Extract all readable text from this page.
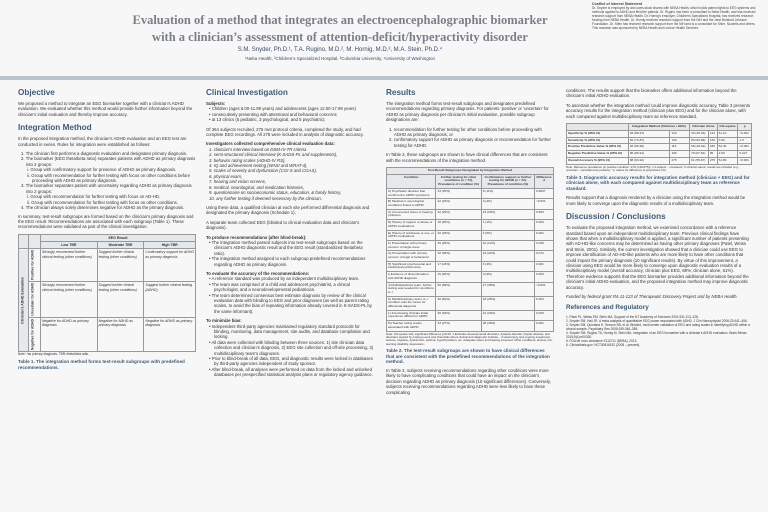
Evaluation of a method that integrates an electroencephalographic biomarker
with a clinician’s assessment of attention-deficit/hyperactivity disorder
S.M. Snyder, Ph.D.¹, T.A. Rugino, M.D.², M. Hornig, M.D.³, M.A. Stein, Ph.D.⁴
¹Neba Health, ²Children’s Specialized Hospital, ³Columbia University, ⁴University of Washington
Conflict of Interest Statement
Dr. Snyder is employed by and owns stock shares with NEBA Health, which holds patent rights to EEG systems and methods applied to ADHD and filed the patents. Dr. Rugino has been a consultant to Neba Health, and has received research support from NEBA Health. Dr. Hornig’s employer, Children’s Specialized Hospital, has received research funding from NEBA Health. Dr. Hornig receives research support from the NIH and the Jane Botsford Johnson Foundation. Dr. Stein has received research support from the NIH and is a consultant for Shire, Novartis and others. This research was sponsored by NEBA Health and Lexicor Health Services.
Objective
We proposed a method to integrate an EEG biomarker together with a clinician’s ADHD evaluation. We evaluated whether this method would provide further information beyond the clinician’s initial evaluation and thereby improve accuracy.
Integration Method
In the proposed integration method, the clinician’s ADHD evaluation and an EEG test are conducted in series. Rules for integration were established as follows:
1. The clinician first performs a diagnostic evaluation and designates primary diagnosis.
2. The biomarker (EEG theta/beta ratio) separates patients with ADHD as primary diagnosis into 2 groups:
i. Group with confirmatory support for presence of ADHD as primary diagnosis.
ii. Group with recommendation for further testing with focus on other conditions before proceeding with ADHD as primary diagnosis.
3. The biomarker separates patient with uncertainty regarding ADHD as primary diagnosis into 2 groups:
i. Group with recommendation for further testing with focus on AD-HD.
ii. Group with recommendation for further testing with focus on other conditions.
4. The clinician always solely determines negative for ADHD as the primary diagnosis.
In summary, test-result subgroups are formed based on the clinician’s primary diagnosis and the EEG result. Recommendations are associated with each subgroup (Table 1). These recommendations were validated as part of the clinical investigation.
		EEG Result		
		Low TBR	Moderate TBR	High TBR
Clinician’s ADHD Evaluation	Positive for ADHD	Strongly recommend further clinical testing (other conditions)	Suggest further clinical testing (other conditions)	Confirmatory support for ADHD as primary diagnosis
	Uncertain for ADHD	Strongly recommend further clinical testing (other conditions)	Suggest further clinical testing (other conditions)	Suggest further clinical testing (ADHD)
	Negative for ADHD	Negative for ADHD as primary diagnosis	Negative for ADHD as primary diagnosis	Negative for ADHD as primary diagnosis
Note: *as primary diagnosis. TBR=theta/beta ratio.
Table 1. The integration method forms test-result subgroups with predefined recommendations.
Clinical Investigation
Subjects:
• Children (ages 6.00-11.99 years) and adolescents (ages 12.00-17.99 years)
• consecutively presenting with attentional and behavioral concerns
• at 13 clinics (5 pediatric, 3 psychological, and 5 psychiatric).
Of 364 subjects recruited, 275 met protocol criteria, completed the study, and had complete EEG recordings. All 275 were included in analysis of diagnostic accuracy.
Investigators collected comprehensive clinical evaluation data:
1. clinician’s interview based on DSM-IV-TR criteria
2. semi-structured clinical interview (K-SADS-PL and supplements),
3. behavior rating scales (ADHD-IV RS),
4. IQ and achievement testing (WASI and WRAT-4),
5. scales of severity and dysfunction (CGI-S and CGAS),
6. physical exam,
7. hearing and vision screens,
8. medical, neurological, and medication histories,
9. questionnaire on socioeconomic status, education, & family history,
10. any further testing if deemed necessary by the clinician.
Using these data, a qualified clinician at each site performed differential diagnosis and designated the primary diagnosis (Schedule 1).
A separate team collected EEG (blinded to clinical evaluation data and clinician’s diagnosis).
To produce recommendations (after blind-break):
• The integration method parsed subjects into test-result subgroups based on the clinician’s ADHD diagnostic result and the EEG result (standardized theta/beta ratio).
• The integration method assigned to each subgroup predefined recommendations regarding ADHD as primary diagnosis.
To evaluate the accuracy of the recommendations:
• A reference standard was produced by an independent multidisciplinary team.
• The team was comprised of a child and adolescent psychiatrist, a clinical psychologist, and a neurodevelopmental pediatrician.
• The team determined consensus best estimate diagnosis by review of the clinical evaluation data with blinding to EEG and prior diagnoses (as well as parent rating scales, to avoid the bias of repeating information already covered in K-SADS-PL by the same informant).
To minimize bias:
• Independent third-party agencies maintained regulatory standard protocols for blinding, monitoring, data management, site audits, and database compilation and locking.
• All data were collected with blinding between three sources: 1) site clinician data collection and clinician’s diagnosis, 2) EEG site collection and off-site processing, 3) multidisciplinary team’s diagnoses.
• Prior to blind-break of all data, EEG, and diagnostic results were locked in databases by third-party agencies independent of study sponsor.
• After blind-break, all analyses were performed on data from the locked and unlocked databases per prespecified statistical analysis plans or regulatory agency guidance.
Results
The integration method forms test-result subgroups and designates predefined recommendations regarding primary diagnosis. For patients ‘positive’ or ‘uncertain’ for ADHD as primary diagnosis per clinician’s initial evaluation, possible subgroup designations are:
1. recommendation for further testing for other conditions before proceeding with ADHD as primary diagnosis, or
2. confirmatory support for ADHD as primary diagnosis or recommendation for further testing for ADHD.
In Table 2, these subgroups are shown to have clinical differences that are consistent with the recommendations of the integration method.
Test-Result Subgroups Designated by Integration Method			
Condition	Further testing for other conditions (n = 74), Prevalence of condition (%)	Confirmatory support or further testing for ADHD (n = 72), Prevalence of condition (%)	Difference d
A) Psychiatric disorder that confirmed to ADHD symptoms	33 (25%)	8 (11%)	0.8007
B) Medical or neurological conditions linked to ADHD	22 (22%)	3 (4%)	<0.001
C) Uncorrected vision or hearing problems	42 (29%)	23 (29%)	0.825
D) History of neglect or abuse or ADHD medications	18 (25%)	1 (1%)	0.003
E) History of substance or use, or ADHD medications	20 (29%)	4 (5%)	0.001
F) Presentation with primary concern of single issue	25 (25%)	10 (14%)	0.028
G) Presentation with primary concern of legal or behavioral	28 (38%)	16 (22%)	0.072
H) Significant psychosocial and intellectual performance	17 (23%)	3 (4%)	0.001
I) Evidence of discontinuation with ADHD diagnosis	15 (20%)	3 (4%)	0.003
J) Multidisciplinary team: further testing was needed for conditions A–I	66 (89%)	27 (38%)	<0.001
K) Multidisciplinary team: A–I condition was the cause for differential diagnosis	46 (62%)	18 (25%)	0.004
L) Interviewing clinician initial experience difficult for ADHD	36 (49%)	21 (29%)	0.025
M) Teacher rating scales associated with ADHD	33 (27%)	28 (48%)	0.001
Note: Chi-square test; significant difference p≤0.05. 1 Excludes developmental disorders, dyslexia disorder, bipolar disorder, and disorders caused by missing event and chemicals where clinical and diagnostic indicate... 2 Head injury and ongoing impairment, seizure, migraine, dysfunction, asthma, hypothyroidism, etc. Adequate vision and hearing screened. Other conditions: anxiety, tics, learning disability, depression.
Table 2. The test-result subgroups are shown to have clinical differences that are consistent with the predefined recommendations of the integration method.
In Table 2, subjects receiving recommendations regarding other conditions were more likely to have complicating conditions that could have an impact on the clinician’s decision regarding ADHD as primary diagnosis (10 significant differences). Conversely, subjects receiving recommendations regarding ADHD were less likely to have these complicating
conditions. The results support that the biomarker offers additional information beyond the clinician’s initial ADHD evaluation.
To ascertain whether the integration method could improve diagnostic accuracy, Table 3 presents accuracy results for the integration method (clinician plus EEG) and for the clinician alone, with each compared against multidisciplinary team as reference standard.
	Integration Method (Clinician + EEG)		Clinician Alone		Chi-square	p
Specificity % (95% CI)	94 (88-97)	143	30 (25-43)	143	61.10	<0.001
Sensitivity % (95% CI)	82 (74-87)	130	80 (63-88)	130	0.00	1.0
Positive Predictive Value % (95% CI)	92 (86-96)	115	58 (48-62)	180	52.30	<0.001
Negative Predictive Value % (95% CI)	86 (80-91)	160	79 (67-81)	95	2.60	0.107
Overall Accuracy % (95% CI)	88 (84-92)	275	61 (55-67)	275	51.80	<0.001
Note: Reference prevalence (in positive condition: 47% (130/275)). 1 A subject... consistent “in clinician alone” results are included (e.g., uncertain - considered as positive). * p values for difference of proportions (%).
Table 3. Diagnostic accuracy results for integration method (clinician + EEG) and for clinician alone, with each compared against multidisciplinary team as reference standard.
Results support that a diagnosis rendered by a clinician using the integration method would be more likely to converge upon the diagnostic results of a multidisciplinary team.
Discussion / Conclusions
To evaluate the proposed integration method, we examined concordance with a reference standard based upon an independent multidisciplinary team. Previous clinical findings have shown that when a multidisciplinary model is applied, a significant number of patients presenting with AD-HD-like concerns may be determined as having other primary diagnoses (Patel, Weiss and Stein, 2001). Similarly, the current investigation showed that a clinician could use EEG to improve identification of AD-HD-like patients who are more likely to have other conditions that could impact the primary diagnosis (10 significant results). By virtue of this improvement, a clinician using EEG would be more likely to converge upon diagnostic evaluation results of a multidisciplinary model (overall accuracy; clinician plus EEG, 88%; clinician alone, 61%). Therefore evidence supports that the EEG biomarker provides additional information beyond the clinician’s initial ADHD evaluation, and the proposed integration method may improve diagnostic accuracy.
Funded by federal grant R4-11-123 of Therapeutic Discovery Project and by NEBA Health.
References and Regulatory
1. Patel PL, Weiss EM, Stein MA. Support of the NT Academy of Sciences 2001;931:113–128.
2. Snyder SM, Hall JR. A meta-analysis of quantitative EEG power associated with ADHD. J Clin Neurophysiol 2006;23:441–456.
3. Snyder SM, Quintana H, Sexson SB, et al. Blinded, multi-center validation of EEG and rating scales in identifying ADHD within a clinical sample. Psychiatry Res 2008;159:346–358.
4. Snyder SM, Rugino TA, Hornig M, Stein MA. Integration of an EEG biomarker with a clinician’s ADHD evaluation. Brain Behav 2015;5(4):e00330.
5. FDA de novo clearance K112711 (NEBA), 2013.
6. Clinicaltrials.gov: NCT00816192 (2008 – present).
